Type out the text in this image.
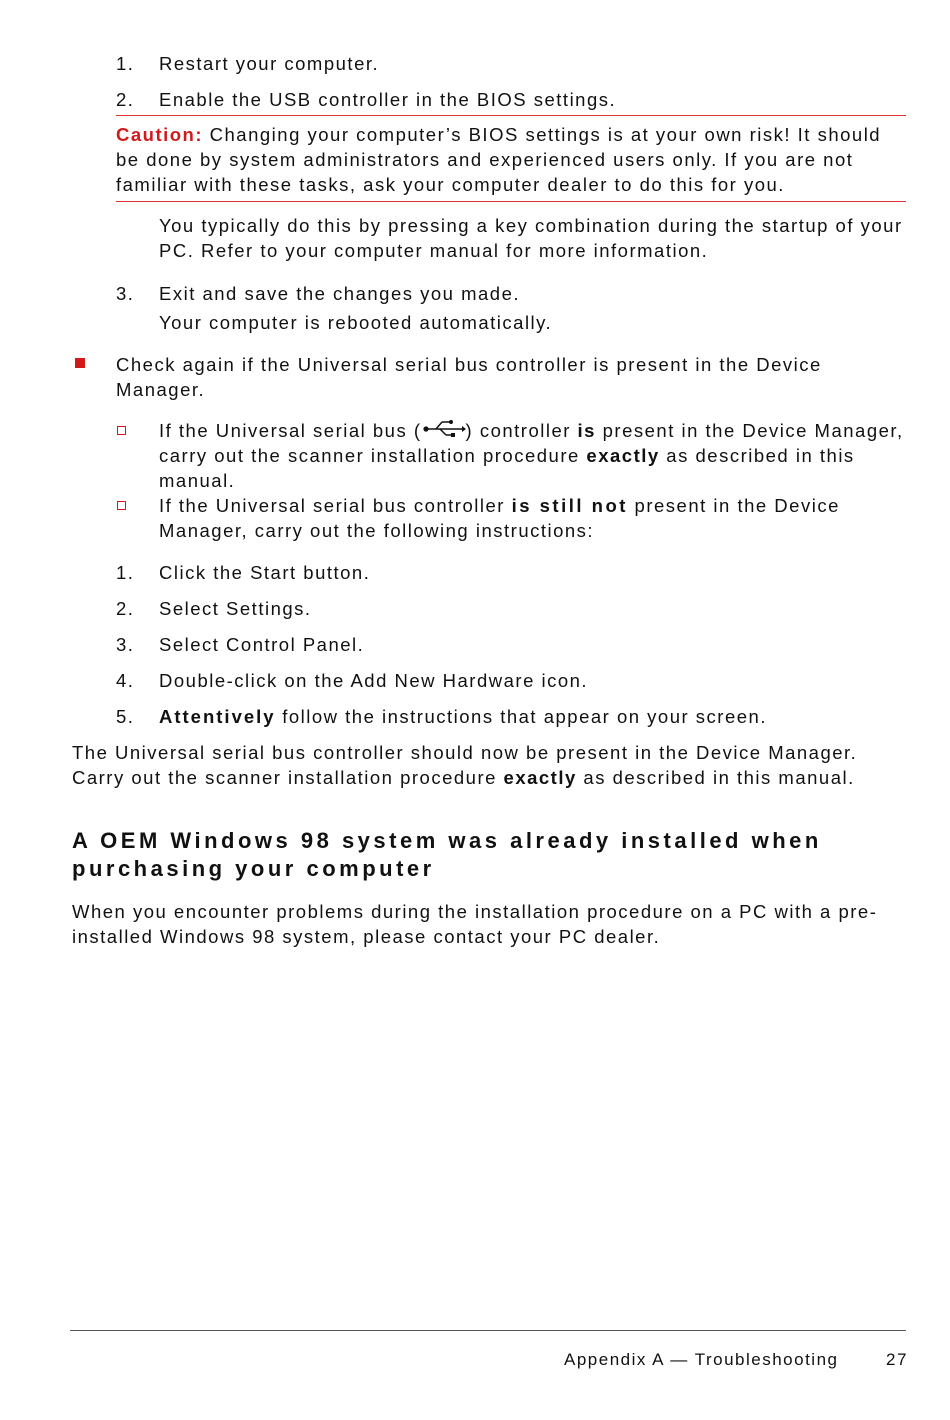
1. Restart your computer.
2. Enable the USB controller in the BIOS settings.

Caution: Changing your computer’s BIOS settings is at your own risk! It should be done by system administrators and experienced users only. If you are not familiar with these tasks, ask your computer dealer to do this for you.

You typically do this by pressing a key combination during the startup of your PC. Refer to your computer manual for more information.
3. Exit and save the changes you made.
Your computer is rebooted automatically.
Check again if the Universal serial bus controller is present in the Device Manager.
If the Universal serial bus ( ) controller is present in the Device Manager, carry out the scanner installation procedure exactly as described in this manual.
If the Universal serial bus controller is still not present in the Device Manager, carry out the following instructions:
1. Click the Start button.
2. Select Settings.
3. Select Control Panel.
4. Double-click on the Add New Hardware icon.
5. Attentively follow the instructions that appear on your screen.
The Universal serial bus controller should now be present in the Device Manager. Carry out the scanner installation procedure exactly as described in this manual.
A OEM Windows 98 system was already installed when purchasing your computer
When you encounter problems during the installation procedure on a PC with a pre-installed Windows 98 system, please contact your PC dealer.
Appendix A — Troubleshooting	27
